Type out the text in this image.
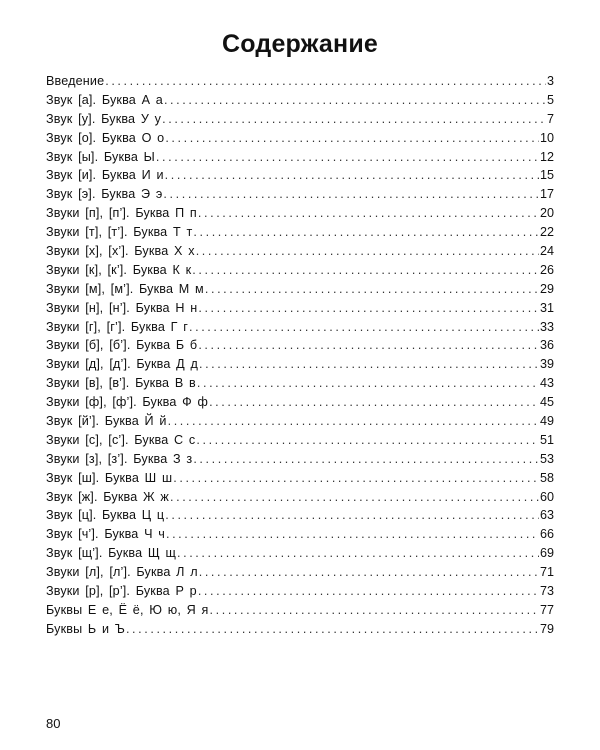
Содержание
Введение .....	3
Звук [а]. Буква А а .....	5
Звук [у]. Буква У у .....	7
Звук [о]. Буква О о .....	10
Звук [ы]. Буква Ы .....	12
Звук [и]. Буква И и .....	15
Звук [э]. Буква Э э .....	17
Звуки [п], [п’]. Буква П п .....	20
Звуки [т], [т’]. Буква Т т .....	22
Звуки [х], [х’]. Буква Х х .....	24
Звуки [к], [к’]. Буква К к .....	26
Звуки [м], [м’]. Буква М м .....	29
Звуки [н], [н’]. Буква Н н .....	31
Звуки [г], [г’]. Буква Г г .....	33
Звуки [б], [б’]. Буква Б б .....	36
Звуки [д], [д’]. Буква Д д .....	39
Звуки [в], [в’]. Буква В в .....	43
Звуки [ф], [ф’]. Буква Ф ф .....	45
Звук [й’]. Буква Й й .....	49
Звуки [с], [с’]. Буква С с .....	51
Звуки [з], [з’]. Буква З з .....	53
Звук [ш]. Буква Ш ш .....	58
Звук [ж]. Буква Ж ж .....	60
Звук [ц]. Буква Ц ц .....	63
Звук [ч’]. Буква Ч ч .....	66
Звук [щ’]. Буква Щ щ .....	69
Звуки [л], [л’]. Буква Л л .....	71
Звуки [р], [р’]. Буква Р р .....	73
Буквы Е е, Ё ё, Ю ю, Я я .....	77
Буквы Ь и Ъ .....	79
80
